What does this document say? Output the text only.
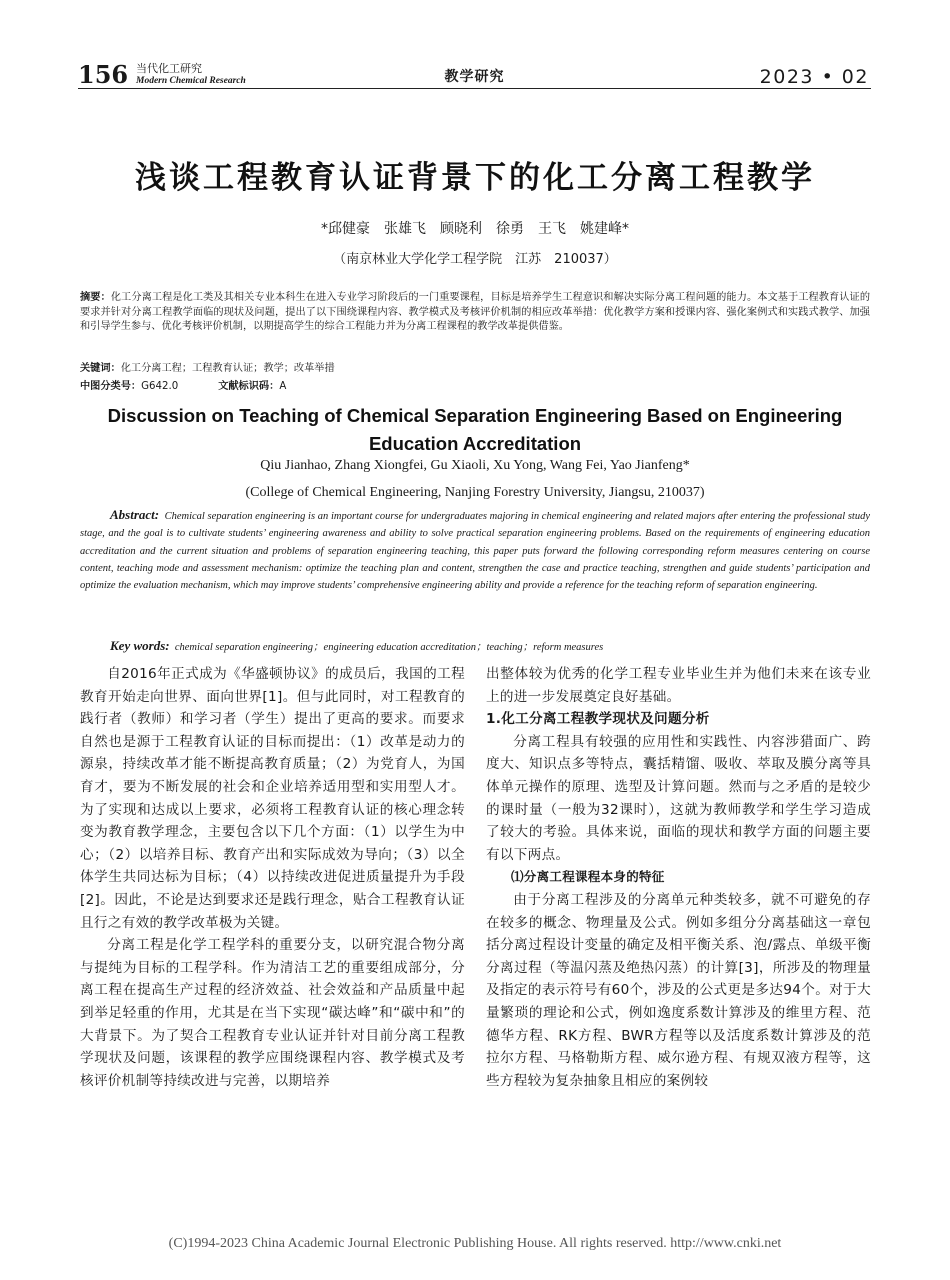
156 当代化工研究
Modern Chemical Research	教学研究	2023 • 02
浅谈工程教育认证背景下的化工分离工程教学
*邱健豪　张雄飞　顾晓利　徐勇　王飞　姚建峰*
（南京林业大学化学工程学院　江苏　210037）
摘要：化工分离工程是化工类及其相关专业本科生在进入专业学习阶段后的一门重要课程，目标是培养学生工程意识和解决实际分离工程问题的能力。本文基于工程教育认证的要求并针对分离工程教学面临的现状及问题，提出了以下围绕课程内容、教学模式及考核评价机制的相应改革举措：优化教学方案和授课内容、强化案例式和实践式教学、加强和引导学生参与、优化考核评价机制，以期提高学生的综合工程能力并为分离工程课程的教学改革提供借鉴。
关键词：化工分离工程；工程教育认证；教学；改革举措
中图分类号：G642.0	文献标识码：A
Discussion on Teaching of Chemical Separation Engineering Based on Engineering Education Accreditation
Qiu Jianhao, Zhang Xiongfei, Gu Xiaoli, Xu Yong, Wang Fei, Yao Jianfeng*
(College of Chemical Engineering, Nanjing Forestry University, Jiangsu, 210037)
Abstract: Chemical separation engineering is an important course for undergraduates majoring in chemical engineering and related majors after entering the professional study stage, and the goal is to cultivate students’ engineering awareness and ability to solve practical separation engineering problems. Based on the requirements of engineering education accreditation and the current situation and problems of separation engineering teaching, this paper puts forward the following corresponding reform measures centering on course content, teaching mode and assessment mechanism: optimize the teaching plan and content, strengthen the case and practice teaching, strengthen and guide students’ participation and optimize the evaluation mechanism, which may improve students’ comprehensive engineering ability and provide a reference for the teaching reform of separation engineering.
Key words: chemical separation engineering；engineering education accreditation；teaching；reform measures

自2016年正式成为《华盛顿协议》的成员后，我国的工程教育开始走向世界、面向世界[1]。但与此同时，对工程教育的践行者（教师）和学习者（学生）提出了更高的要求。而要求自然也是源于工程教育认证的目标而提出：（1）改革是动力的源泉，持续改革才能不断提高教育质量；（2）为党育人，为国育才，要为不断发展的社会和企业培养适用型和实用型人才。为了实现和达成以上要求，必须将工程教育认证的核心理念转变为教育教学理念，主要包含以下几个方面：（1）以学生为中心；（2）以培养目标、教育产出和实际成效为导向；（3）以全体学生共同达标为目标；（4）以持续改进促进质量提升为手段[2]。因此，不论是达到要求还是践行理念，贴合工程教育认证且行之有效的教学改革极为关键。

分离工程是化学工程学科的重要分支，以研究混合物分离与提纯为目标的工程学科。作为清洁工艺的重要组成部分，分离工程在提高生产过程的经济效益、社会效益和产品质量中起到举足轻重的作用，尤其是在当下实现“碳达峰”和“碳中和”的大背景下。为了契合工程教育专业认证并针对目前分离工程教学现状及问题，该课程的教学应围绕课程内容、教学模式及考核评价机制等持续改进与完善，以期培养

出整体较为优秀的化学工程专业毕业生并为他们未来在该专业上的进一步发展奠定良好基础。

1.化工分离工程教学现状及问题分析

分离工程具有较强的应用性和实践性、内容涉猎面广、跨度大、知识点多等特点，囊括精馏、吸收、萃取及膜分离等具体单元操作的原理、选型及计算问题。然而与之矛盾的是较少的课时量（一般为32课时），这就为教师教学和学生学习造成了较大的考验。具体来说，面临的现状和教学方面的问题主要有以下两点。

⑴分离工程课程本身的特征

由于分离工程涉及的分离单元种类较多，就不可避免的存在较多的概念、物理量及公式。例如多组分分离基础这一章包括分离过程设计变量的确定及相平衡关系、泡/露点、单级平衡分离过程（等温闪蒸及绝热闪蒸）的计算[3]，所涉及的物理量及指定的表示符号有60个，涉及的公式更是多达94个。对于大量繁琐的理论和公式，例如逸度系数计算涉及的维里方程、范德华方程、RK方程、BWR方程等以及活度系数计算涉及的范拉尔方程、马格勒斯方程、威尔逊方程、有规双液方程等，这些方程较为复杂抽象且相应的案例较

(C)1994-2023 China Academic Journal Electronic Publishing House. All rights reserved. http://www.cnki.net
